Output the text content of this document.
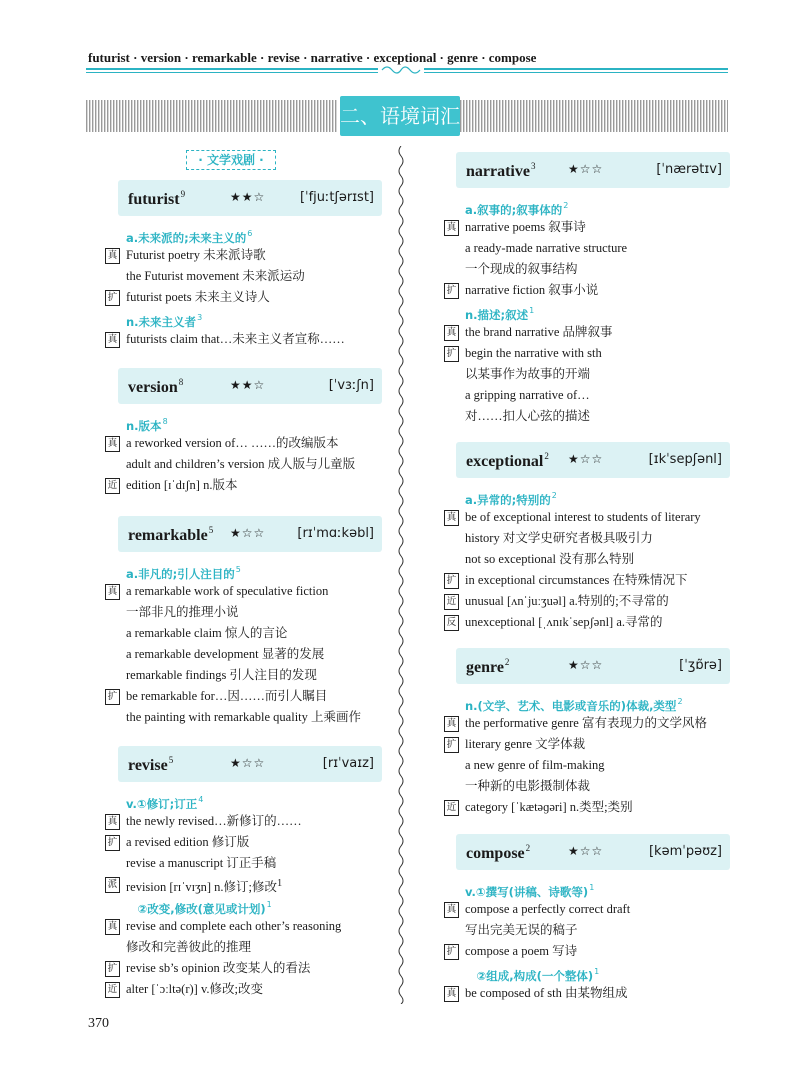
futurist · version · remarkable · revise · narrative · exceptional · genre · compose
二、语境词汇
· 文学戏剧 ·
futurist$^9$	★★☆	[ˈfjuːtʃərɪst]
a.未来派的;未来主义的$^6$
真 Futurist poetry 未来派诗歌
the Futurist movement 未来派运动
扩 futurist poets 未来主义诗人
n.未来主义者$^3$
真 futurists claim that…未来主义者宣称……
version$^8$	★★☆	[ˈvɜːʃn]
n.版本$^8$
真 a reworked version of… ……的改编版本
adult and children’s version 成人版与儿童版
近 edition [ɪˈdɪʃn] n.版本
remarkable$^5$ ★☆☆ [rɪˈmɑːkəbl]
a.非凡的;引人注目的$^5$
真 a remarkable work of speculative fiction
一部非凡的推理小说
a remarkable claim 惊人的言论
a remarkable development 显著的发展
remarkable findings 引人注目的发现
扩 be remarkable for…因……而引人瞩目
the painting with remarkable quality 上乘画作
revise$^5$	★☆☆	[rɪˈvaɪz]
v.①修订;订正$^4$
真 the newly revised…新修订的……
扩 a revised edition 修订版
revise a manuscript 订正手稿
派 revision [rɪˈvɪʒn] n.修订;修改$^1$
　②改变,修改(意见或计划)$^1$
真 revise and complete each other’s reasoning
修改和完善彼此的推理
扩 revise sb’s opinion 改变某人的看法
近 alter [ˈɔːltə(r)] v.修改;改变
narrative$^3$	★☆☆	[ˈnærətɪv]
a.叙事的;叙事体的$^2$
真 narrative poems 叙事诗
a ready-made narrative structure
一个现成的叙事结构
扩 narrative fiction 叙事小说
n.描述;叙述$^1$
真 the brand narrative 品牌叙事
扩 begin the narrative with sth
以某事作为故事的开端
a gripping narrative of…
对……扣人心弦的描述
exceptional$^2$ ★☆☆	[ɪkˈsepʃənl]
a.异常的;特别的$^2$
真 be of exceptional interest to students of literary
history 对文学史研究者极具吸引力
not so exceptional 没有那么特别
扩 in exceptional circumstances 在特殊情况下
近 unusual [ʌnˈjuːʒuəl] a.特别的;不寻常的
反 unexceptional [ˌʌnɪkˈsepʃənl] a.寻常的
genre$^2$	★☆☆	[ˈʒɒ̃rə]
n.(文学、艺术、电影或音乐的)体裁,类型$^2$
真 the performative genre 富有表现力的文学风格
扩 literary genre 文学体裁
a new genre of film-making
一种新的电影摄制体裁
近 category [ˈkætəɡəri] n.类型;类别
compose$^2$	★☆☆	[kəmˈpəʊz]
v.①撰写(讲稿、诗歌等)$^1$
真 compose a perfectly correct draft
写出完美无误的稿子
扩 compose a poem 写诗
　②组成,构成(一个整体)$^1$
真 be composed of sth 由某物组成
370
